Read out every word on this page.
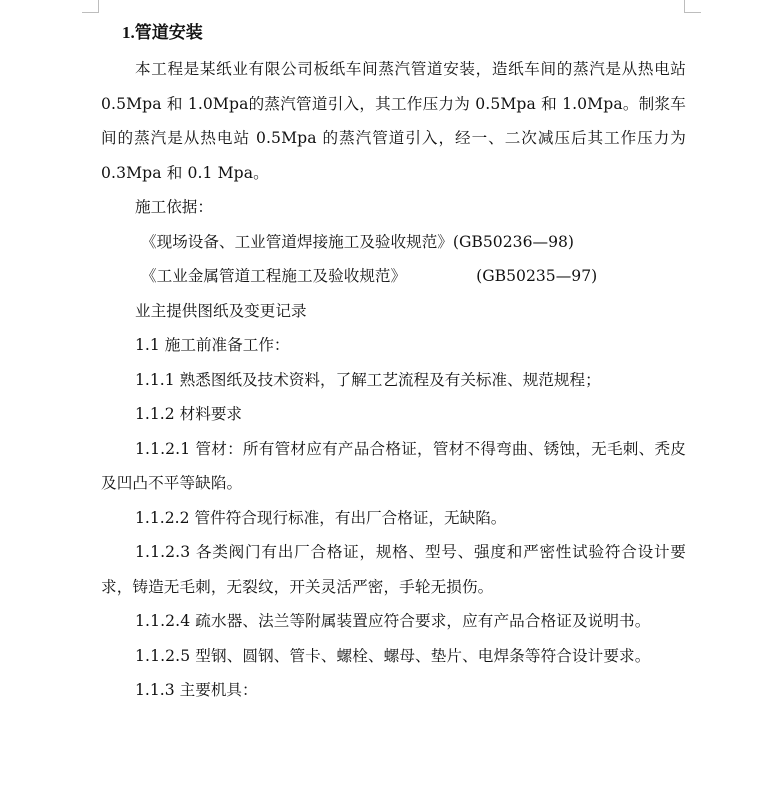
1.管道安装

本工程是某纸业有限公司板纸车间蒸汽管道安装，造纸车间的蒸汽是从热电站 0.5Mpa 和 1.0Mpa的蒸汽管道引入，其工作压力为 0.5Mpa 和 1.0Mpa。制浆车间的蒸汽是从热电站 0.5Mpa 的蒸汽管道引入，经一、二次减压后其工作压力为 0.3Mpa 和 0.1 Mpa。

施工依据：

《现场设备、工业管道焊接施工及验收规范》(GB50236—98)

《工业金属管道工程施工及验收规范》	(GB50235—97)

业主提供图纸及变更记录

1.1 施工前准备工作：

1.1.1 熟悉图纸及技术资料，了解工艺流程及有关标准、规范规程；

1.1.2 材料要求

1.1.2.1 管材：所有管材应有产品合格证，管材不得弯曲、锈蚀，无毛刺、秃皮及凹凸不平等缺陷。

1.1.2.2 管件符合现行标准，有出厂合格证，无缺陷。

1.1.2.3 各类阀门有出厂合格证，规格、型号、强度和严密性试验符合设计要求，铸造无毛刺，无裂纹，开关灵活严密，手轮无损伤。

1.1.2.4 疏水器、法兰等附属装置应符合要求，应有产品合格证及说明书。

1.1.2.5 型钢、圆钢、管卡、螺栓、螺母、垫片、电焊条等符合设计要求。

1.1.3 主要机具：
